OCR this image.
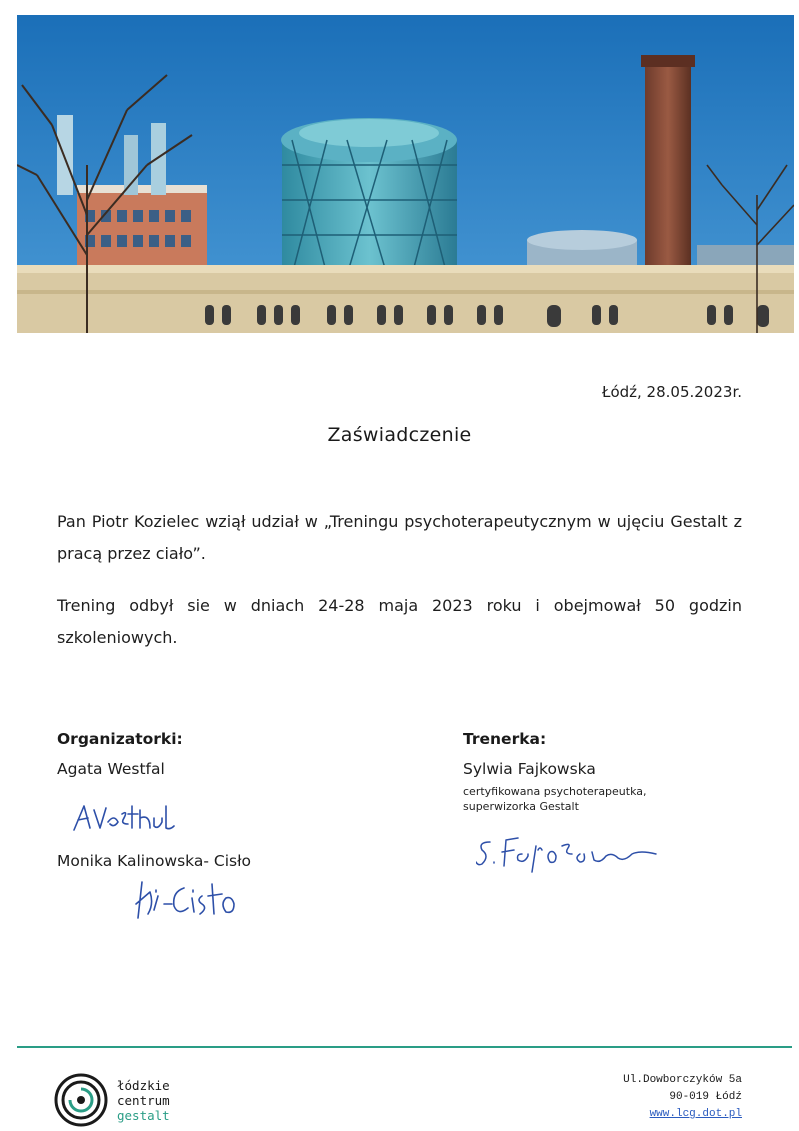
Łódź, 28.05.2023r.
Zaświadczenie

Pan Piotr Kozielec wziął udział w „Treningu psychoterapeutycznym w ujęciu Gestalt z pracą przez ciało”.

Trening odbył sie w dniach 24-28 maja 2023 roku i obejmował 50 godzin szkoleniowych.

Organizatorki:
Agata Westfal
Monika Kalinowska- Cisło
Trenerka:
Sylwia Fajkowska
certyfikowana psychoterapeutka,
superwizorka Gestalt
łódzkie
centrum
gestalt
Ul.Dowborczyków 5a
90-019 Łódź
www.lcg.dot.pl
